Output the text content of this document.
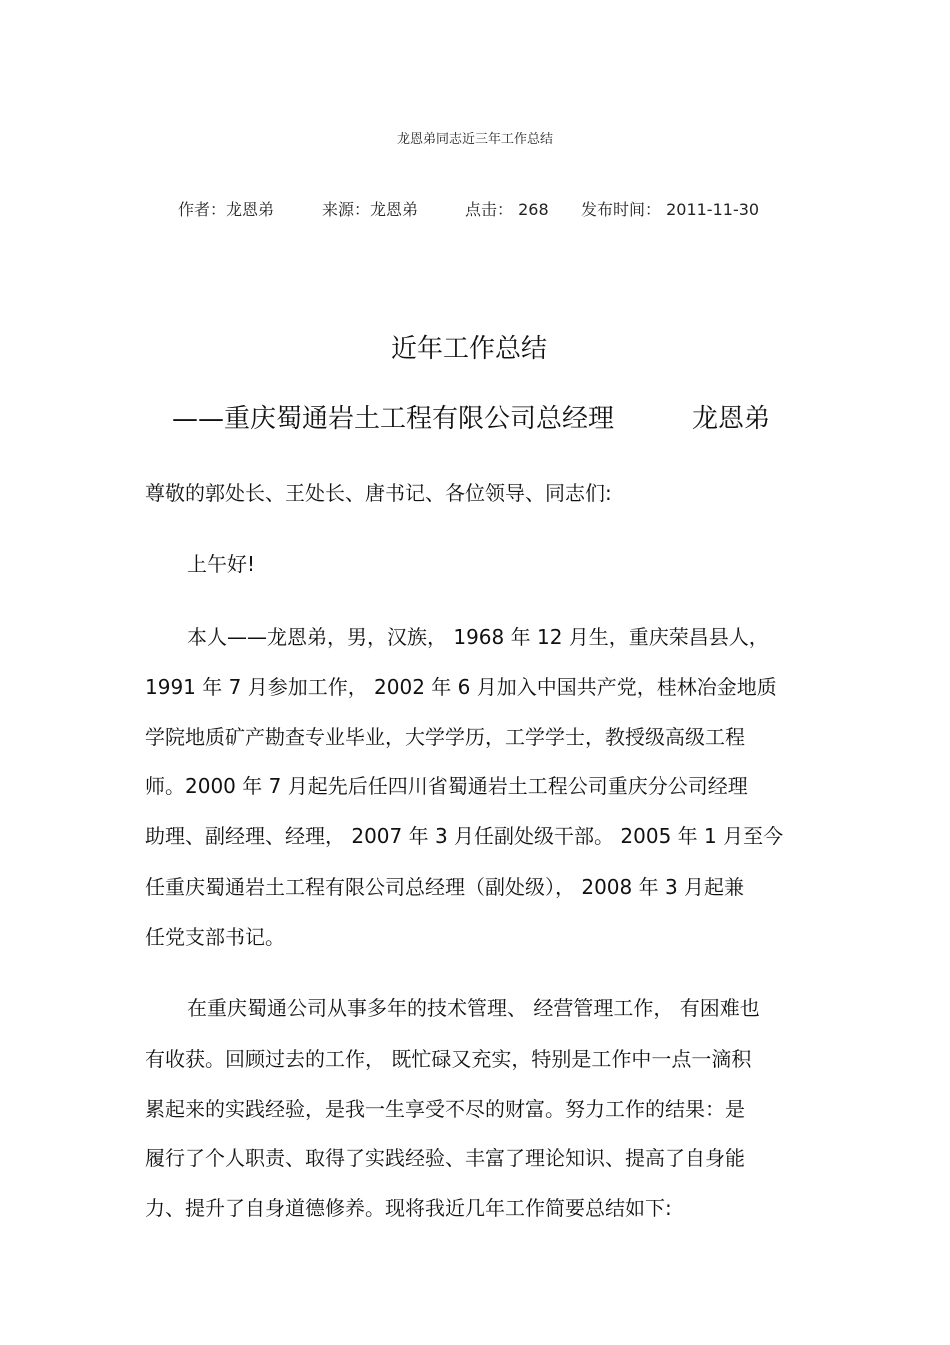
龙恩弟同志近三年工作总结
作者：龙恩弟	来源：龙恩弟	点击： 268 发布时间： 2011-11-30
近年工作总结
——重庆蜀通岩土工程有限公司总经理	龙恩弟
尊敬的郭处长、王处长、唐书记、各位领导、同志们:
上午好!
本人——龙恩弟，男，汉族， 1968 年 12 月生，重庆荣昌县人，
1991 年 7 月参加工作， 2002 年 6 月加入中国共产党，桂林冶金地质
学院地质矿产勘查专业毕业，大学学历，工学学士，教授级高级工程
师。2000 年 7 月起先后任四川省蜀通岩土工程公司重庆分公司经理
助理、副经理、经理， 2007 年 3 月任副处级干部。 2005 年 1 月至今
任重庆蜀通岩土工程有限公司总经理（副处级）， 2008 年 3 月起兼
任党支部书记。
在重庆蜀通公司从事多年的技术管理、 经营管理工作， 有困难也
有收获。回顾过去的工作， 既忙碌又充实，特别是工作中一点一滴积
累起来的实践经验，是我一生享受不尽的财富。努力工作的结果：是
履行了个人职责、取得了实践经验、丰富了理论知识、提高了自身能
力、提升了自身道德修养。现将我近几年工作简要总结如下:
